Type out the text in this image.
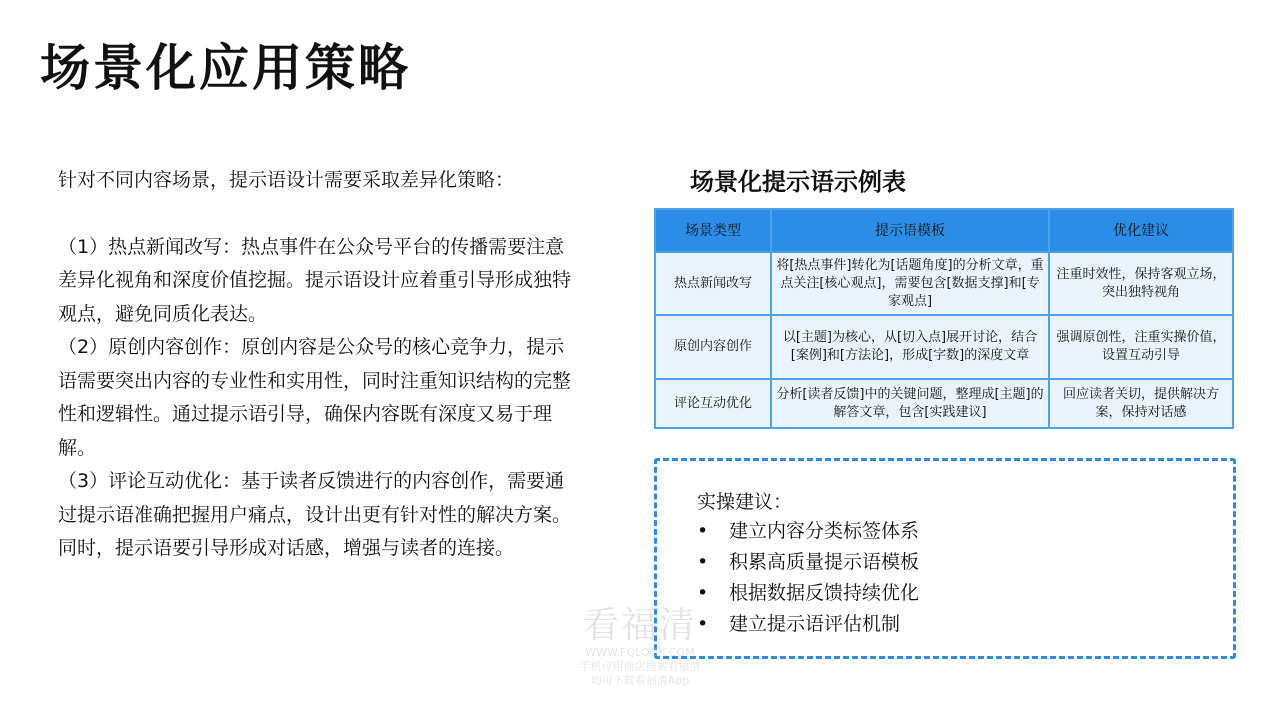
场景化应用策略

针对不同内容场景，提示语设计需要采取差异化策略：

（1）热点新闻改写：热点事件在公众号平台的传播需要注意差异化视角和深度价值挖掘。提示语设计应着重引导形成独特观点，避免同质化表达。

（2）原创内容创作：原创内容是公众号的核心竞争力，提示语需要突出内容的专业性和实用性，同时注重知识结构的完整性和逻辑性。通过提示语引导，确保内容既有深度又易于理解。

（3）评论互动优化：基于读者反馈进行的内容创作，需要通过提示语准确把握用户痛点，设计出更有针对性的解决方案。同时，提示语要引导形成对话感，增强与读者的连接。

场景化提示语示例表
场景类型	提示语模板	优化建议
热点新闻改写	将[热点事件]转化为[话题角度]的分析文章，重点关注[核心观点]，需要包含[数据支撑]和[专家观点]	注重时效性，保持客观立场，突出独特视角
原创内容创作	以[主题]为核心，从[切入点]展开讨论，结合[案例]和[方法论]，形成[字数]的深度文章	强调原创性，注重实操价值，设置互动引导
评论互动优化	分析[读者反馈]中的关键问题，整理成[主题]的解答文章，包含[实践建议]	回应读者关切，提供解决方案，保持对话感
实操建议：
• 建立内容分类标签体系
• 积累高质量提示语模板
• 根据数据反馈持续优化
• 建立提示语评估机制
看福清
WWW.FQLOOK.COM
手机应用商店搜索看福清
均可下载看福清App
